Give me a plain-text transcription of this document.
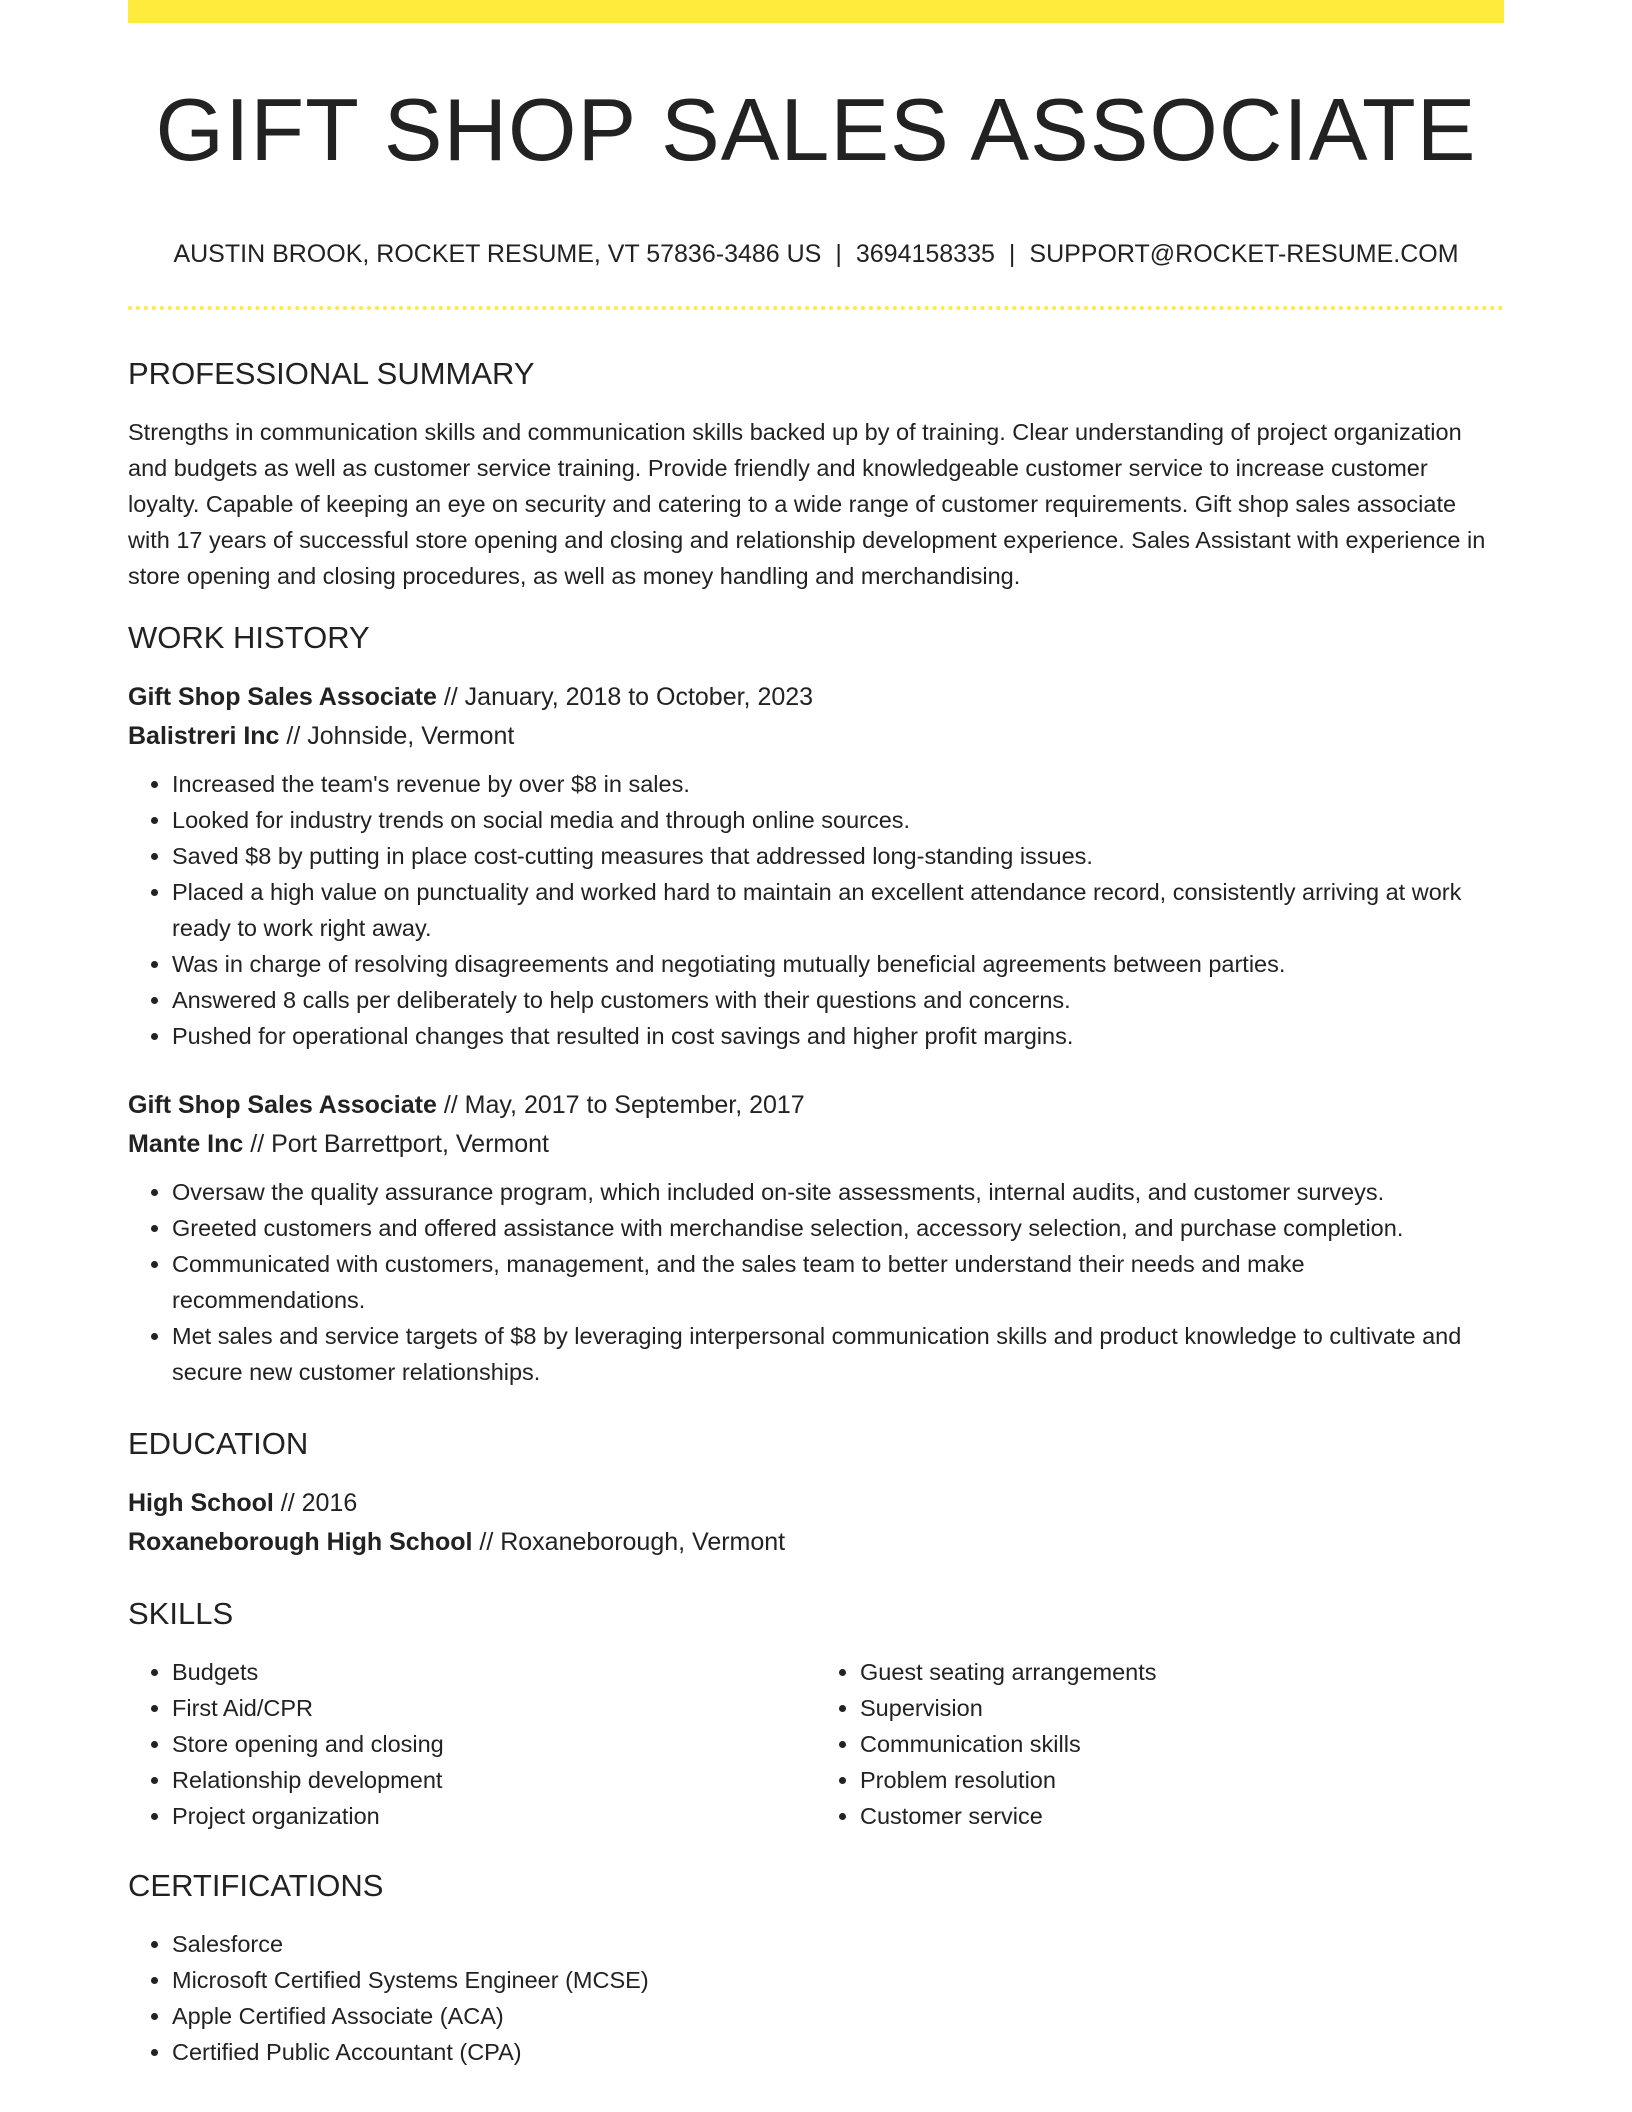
GIFT SHOP SALES ASSOCIATE
AUSTIN BROOK, ROCKET RESUME, VT 57836-3486 US | 3694158335 | SUPPORT@ROCKET-RESUME.COM
PROFESSIONAL SUMMARY

Strengths in communication skills and communication skills backed up by of training. Clear understanding of project organization and budgets as well as customer service training. Provide friendly and knowledgeable customer service to increase customer loyalty. Capable of keeping an eye on security and catering to a wide range of customer requirements. Gift shop sales associate with 17 years of successful store opening and closing and relationship development experience. Sales Assistant with experience in store opening and closing procedures, as well as money handling and merchandising.

WORK HISTORY
Gift Shop Sales Associate // January, 2018 to October, 2023
Balistreri Inc // Johnside, Vermont
• Increased the team's revenue by over $8 in sales.
• Looked for industry trends on social media and through online sources.
• Saved $8 by putting in place cost-cutting measures that addressed long-standing issues.
• Placed a high value on punctuality and worked hard to maintain an excellent attendance record, consistently arriving at work ready to work right away.
• Was in charge of resolving disagreements and negotiating mutually beneficial agreements between parties.
• Answered 8 calls per deliberately to help customers with their questions and concerns.
• Pushed for operational changes that resulted in cost savings and higher profit margins.
Gift Shop Sales Associate // May, 2017 to September, 2017
Mante Inc // Port Barrettport, Vermont
• Oversaw the quality assurance program, which included on-site assessments, internal audits, and customer surveys.
• Greeted customers and offered assistance with merchandise selection, accessory selection, and purchase completion.
• Communicated with customers, management, and the sales team to better understand their needs and make recommendations.
• Met sales and service targets of $8 by leveraging interpersonal communication skills and product knowledge to cultivate and secure new customer relationships.
EDUCATION
High School // 2016
Roxaneborough High School // Roxaneborough, Vermont
SKILLS
• Budgets
• First Aid/CPR
• Store opening and closing
• Relationship development
• Project organization
• Guest seating arrangements
• Supervision
• Communication skills
• Problem resolution
• Customer service
CERTIFICATIONS
• Salesforce
• Microsoft Certified Systems Engineer (MCSE)
• Apple Certified Associate (ACA)
• Certified Public Accountant (CPA)
